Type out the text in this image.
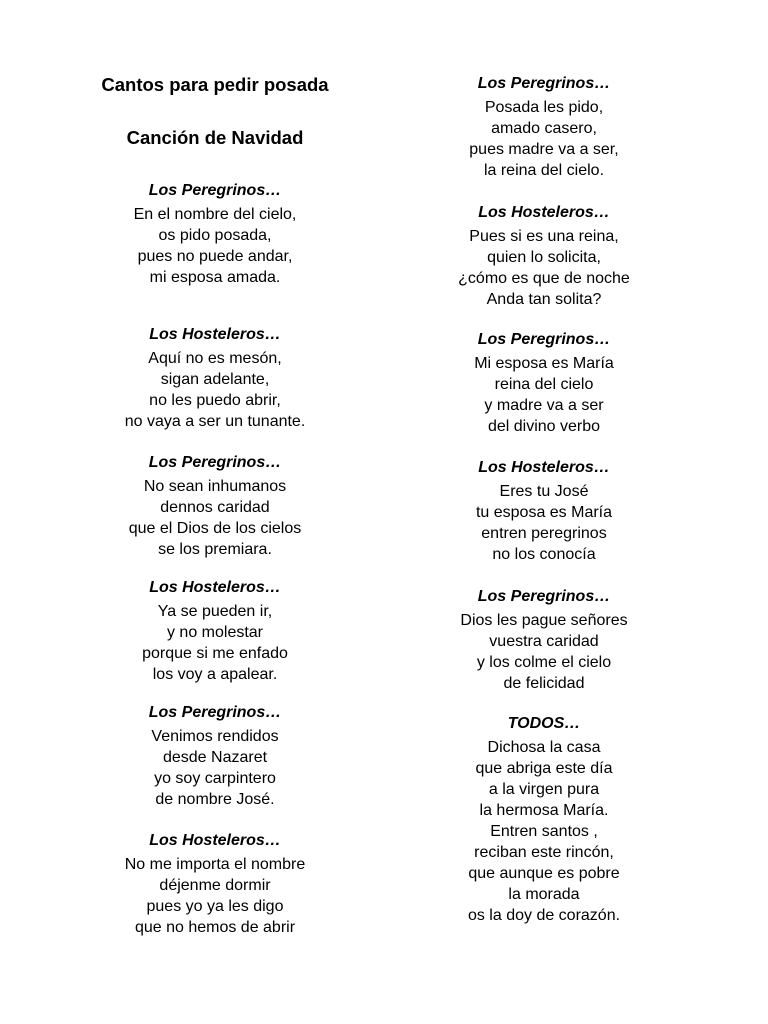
Cantos para pedir posada
Canción de Navidad
Los Peregrinos…
En el nombre del cielo,
os pido posada,
pues no puede andar,
mi esposa amada.
Los Hosteleros…
Aquí no es mesón,
sigan adelante,
no les puedo abrir,
no vaya a ser un tunante.
Los Peregrinos…
No sean inhumanos
dennos caridad
que el Dios de los cielos
se los premiara.
Los Hosteleros…
Ya se pueden ir,
y no molestar
porque si me enfado
los voy a apalear.
Los Peregrinos…
Venimos rendidos
desde Nazaret
yo soy carpintero
de nombre José.
Los Hosteleros…
No me importa el nombre
déjenme dormir
pues yo ya les digo
que no hemos de abrir
Los Peregrinos…
Posada les pido,
amado casero,
pues madre va a ser,
la reina del cielo.
Los Hosteleros…
Pues si es una reina,
quien lo solicita,
¿cómo es que de noche
Anda tan solita?
Los Peregrinos…
Mi esposa es María
reina del cielo
y madre va a ser
del divino verbo
Los Hosteleros…
Eres tu José
tu esposa es María
entren peregrinos
no los conocía
Los Peregrinos…
Dios les pague señores
vuestra caridad
y los colme el cielo
de felicidad
TODOS…
Dichosa la casa
que abriga este día
a la virgen pura
la hermosa María.
Entren santos ,
reciban este rincón,
que aunque es pobre
la morada
os la doy de corazón.
